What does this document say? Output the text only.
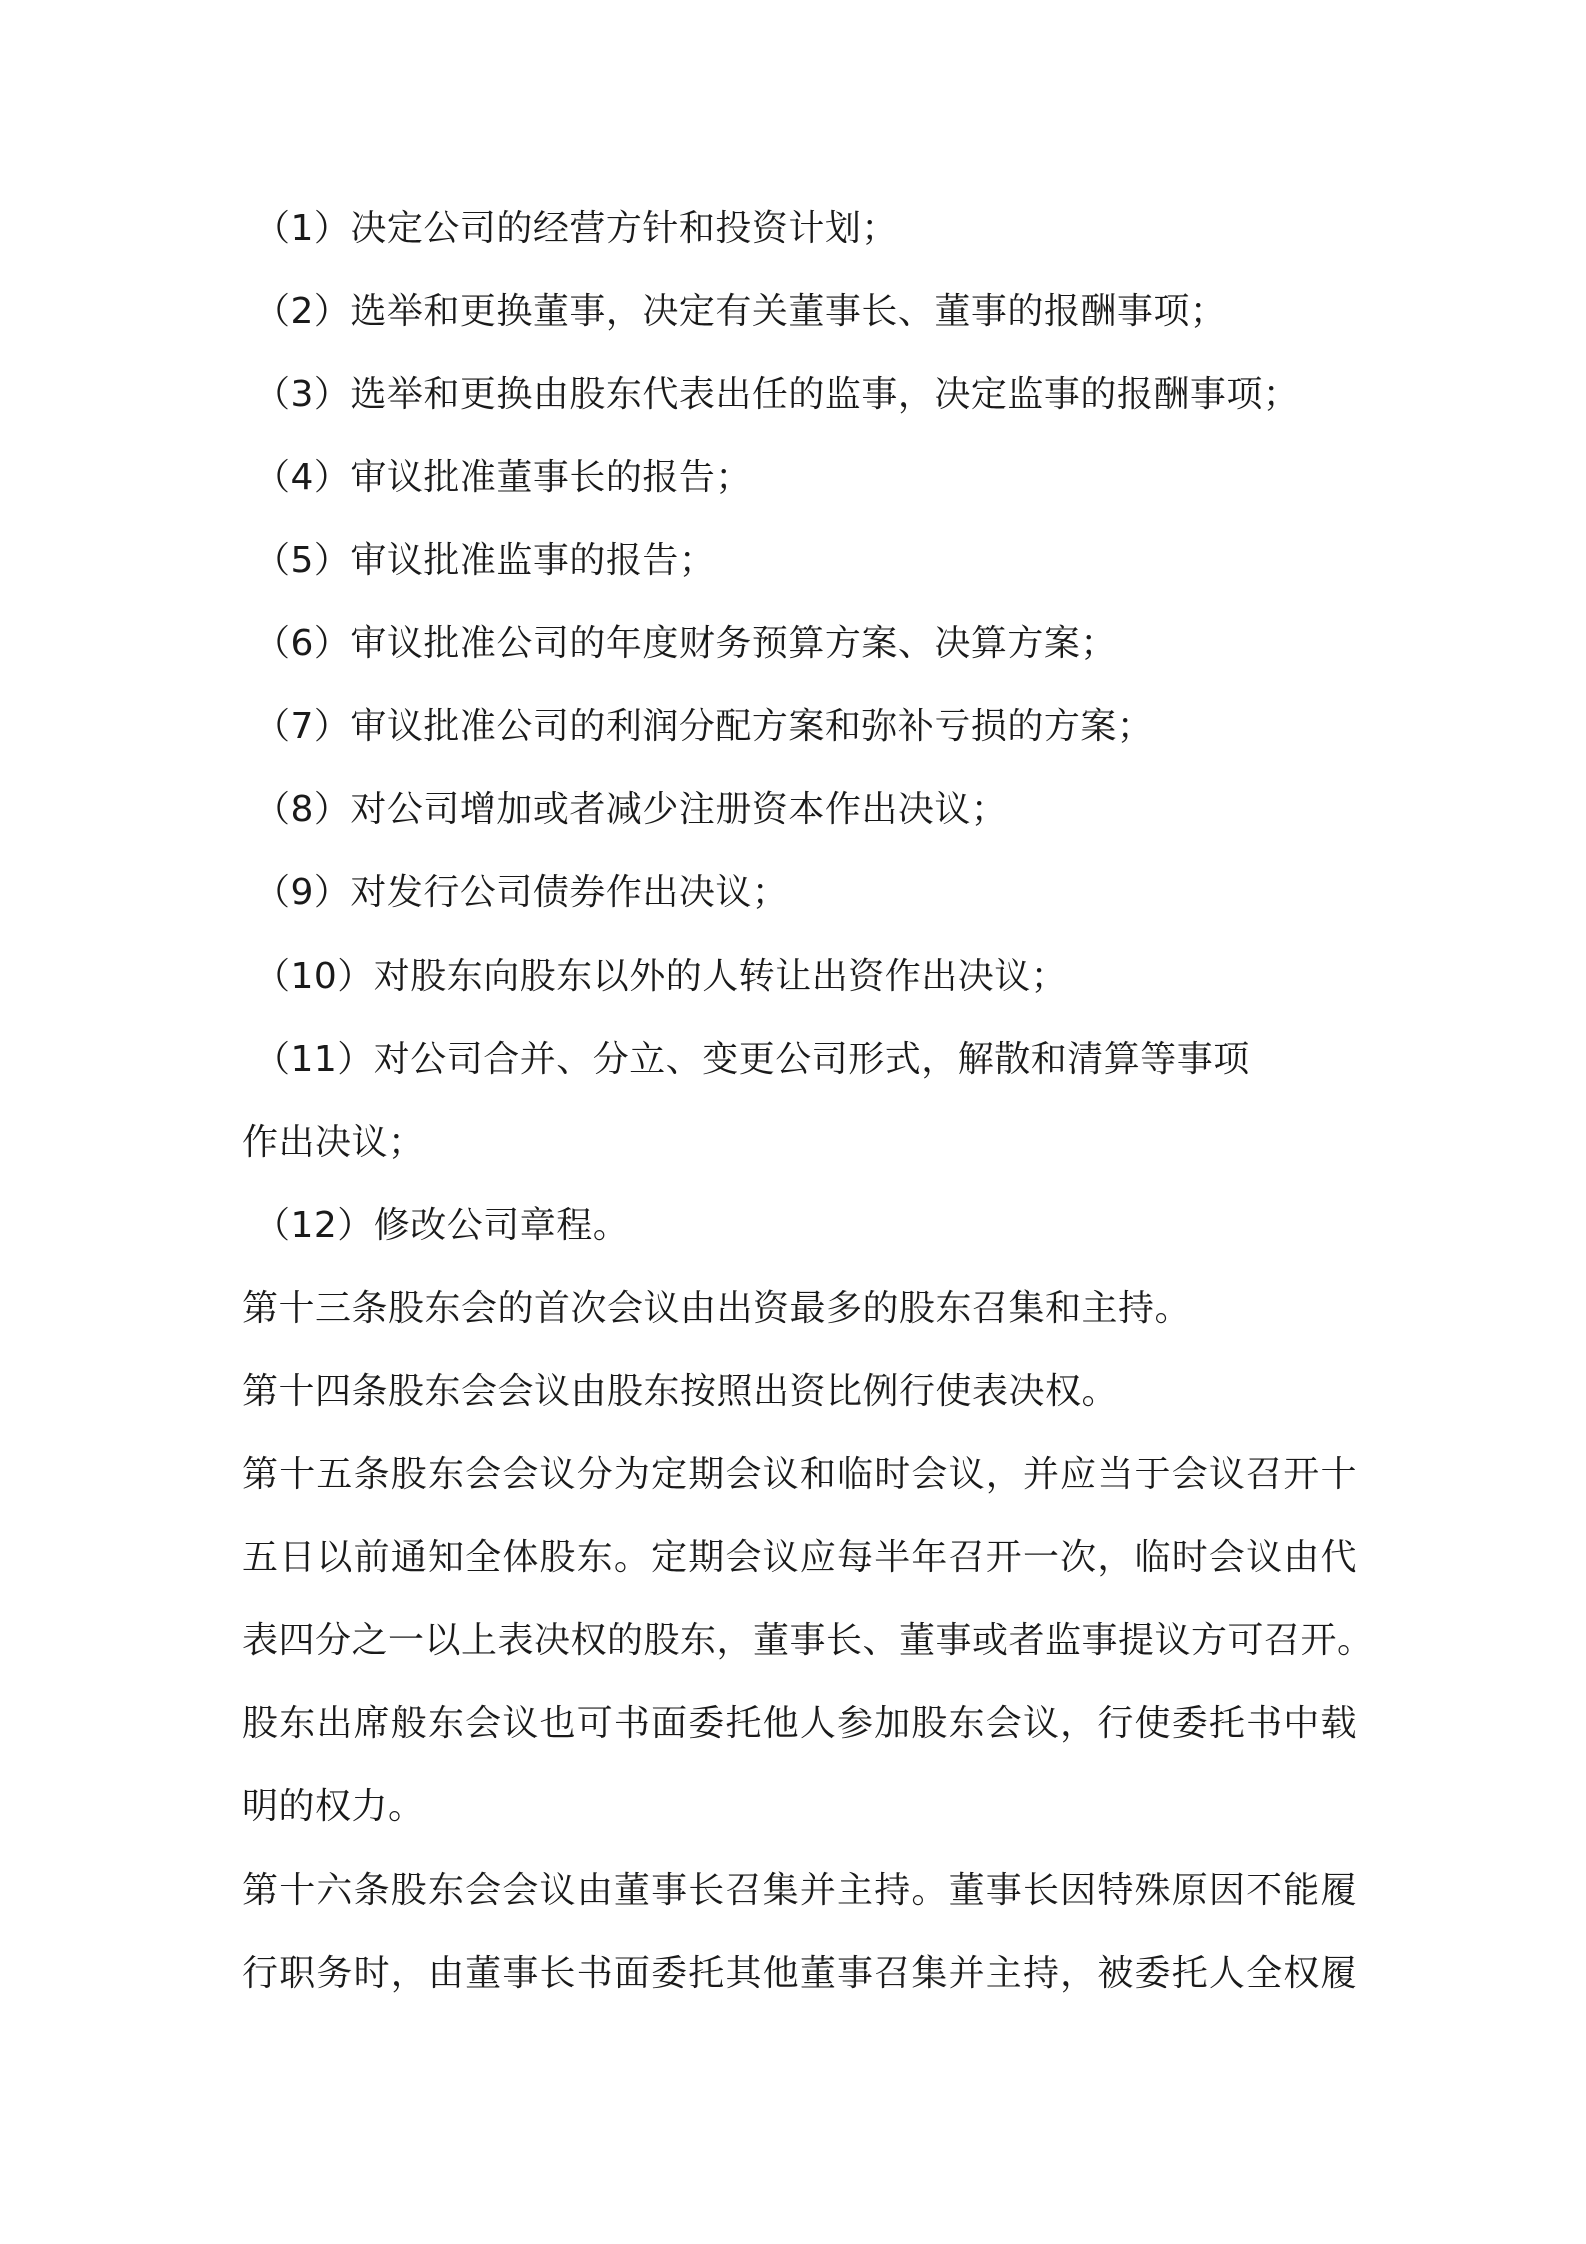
（1）决定公司的经营方针和投资计划；

（2）选举和更换董事，决定有关董事长、董事的报酬事项；

（3）选举和更换由股东代表出任的监事，决定监事的报酬事项；

（4）审议批准董事长的报告；

（5）审议批准监事的报告；

（6）审议批准公司的年度财务预算方案、决算方案；

（7）审议批准公司的利润分配方案和弥补亏损的方案；

（8）对公司增加或者减少注册资本作出决议；

（9）对发行公司债券作出决议；

（10）对股东向股东以外的人转让出资作出决议；

（11）对公司合并、分立、变更公司形式，解散和清算等事项

作出决议；

（12）修改公司章程。

第十三条股东会的首次会议由出资最多的股东召集和主持。

第十四条股东会会议由股东按照出资比例行使表决权。

第十五条股东会会议分为定期会议和临时会议，并应当于会议召开十

五日以前通知全体股东。定期会议应每半年召开一次，临时会议由代

表四分之一以上表决权的股东，董事长、董事或者监事提议方可召开。

股东出席般东会议也可书面委托他人参加股东会议，行使委托书中载

明的权力。

第十六条股东会会议由董事长召集并主持。董事长因特殊原因不能履

行职务时，由董事长书面委托其他董事召集并主持，被委托人全权履
